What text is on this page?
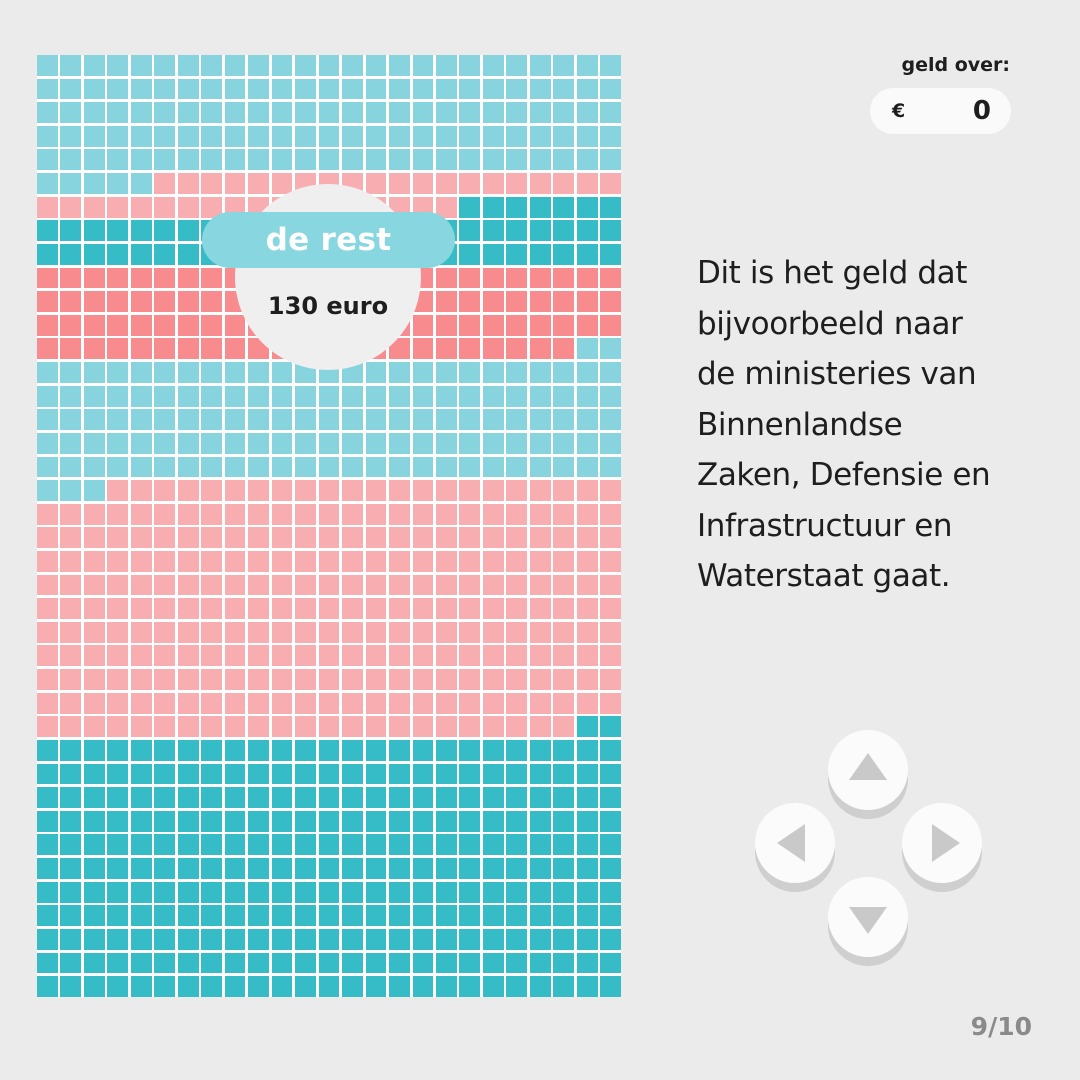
de rest
130 euro
geld over:
€	0
Dit is het geld dat
bijvoorbeeld naar
de ministeries van
Binnenlandse
Zaken, Defensie en
Infrastructuur en
Waterstaat gaat.
9/10
